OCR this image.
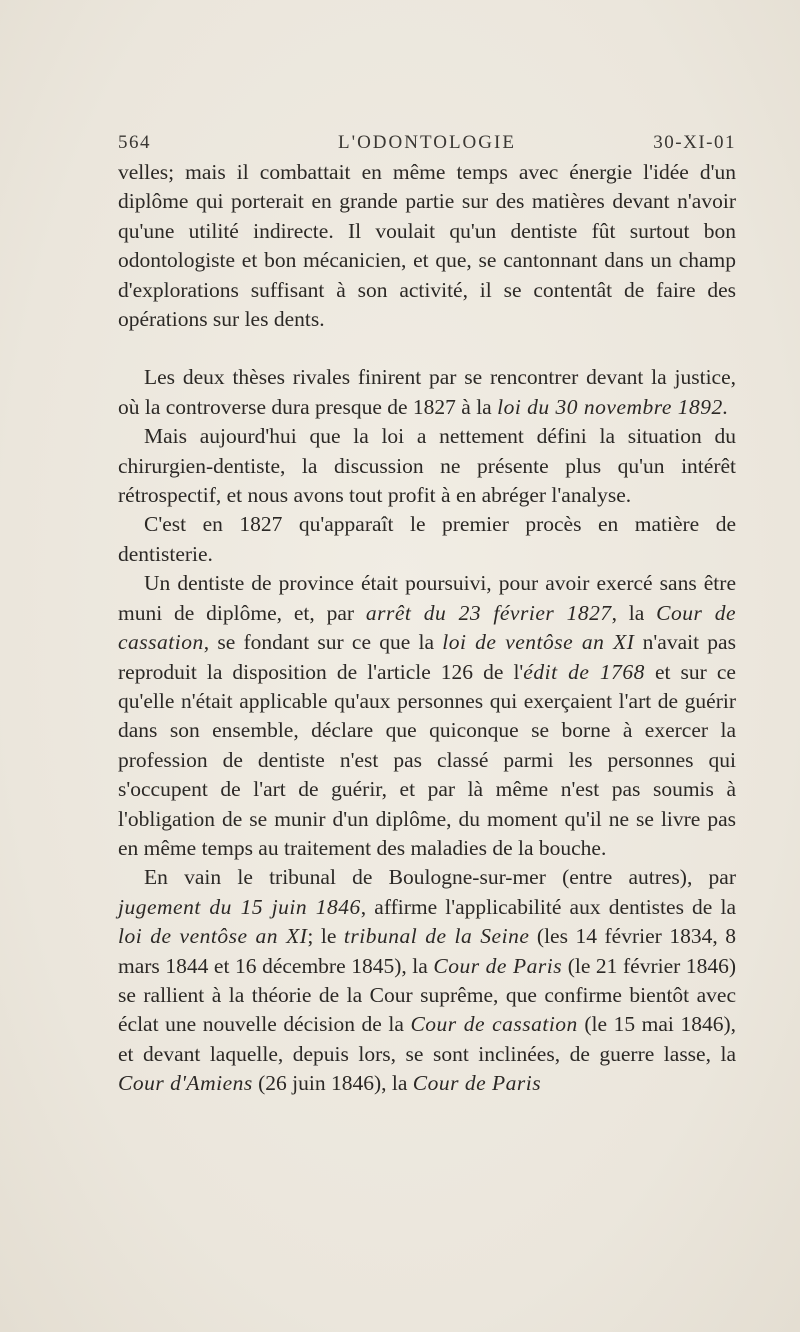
564	L'ODONTOLOGIE	30-XI-01

velles; mais il combattait en même temps avec énergie l'idée d'un diplôme qui porterait en grande partie sur des matières devant n'avoir qu'une utilité indirecte. Il voulait qu'un dentiste fût surtout bon odontologiste et bon mécanicien, et que, se cantonnant dans un champ d'explorations suffisant à son activité, il se contentât de faire des opérations sur les dents.

Les deux thèses rivales finirent par se rencontrer devant la justice, où la controverse dura presque de 1827 à la loi du 30 novembre 1892.

Mais aujourd'hui que la loi a nettement défini la situation du chirurgien-dentiste, la discussion ne présente plus qu'un intérêt rétrospectif, et nous avons tout profit à en abréger l'analyse.

C'est en 1827 qu'apparaît le premier procès en matière de dentisterie.

Un dentiste de province était poursuivi, pour avoir exercé sans être muni de diplôme, et, par arrêt du 23 février 1827, la Cour de cassation, se fondant sur ce que la loi de ventôse an XI n'avait pas reproduit la disposition de l'article 126 de l'édit de 1768 et sur ce qu'elle n'était applicable qu'aux personnes qui exerçaient l'art de guérir dans son ensemble, déclare que quiconque se borne à exercer la profession de dentiste n'est pas classé parmi les personnes qui s'occupent de l'art de guérir, et par là même n'est pas soumis à l'obligation de se munir d'un diplôme, du moment qu'il ne se livre pas en même temps au traitement des maladies de la bouche.

En vain le tribunal de Boulogne-sur-mer (entre autres), par jugement du 15 juin 1846, affirme l'applicabilité aux dentistes de la loi de ventôse an XI; le tribunal de la Seine (les 14 février 1834, 8 mars 1844 et 16 décembre 1845), la Cour de Paris (le 21 février 1846) se rallient à la théorie de la Cour suprême, que confirme bientôt avec éclat une nouvelle décision de la Cour de cassation (le 15 mai 1846), et devant laquelle, depuis lors, se sont inclinées, de guerre lasse, la Cour d'Amiens (26 juin 1846), la Cour de Paris
